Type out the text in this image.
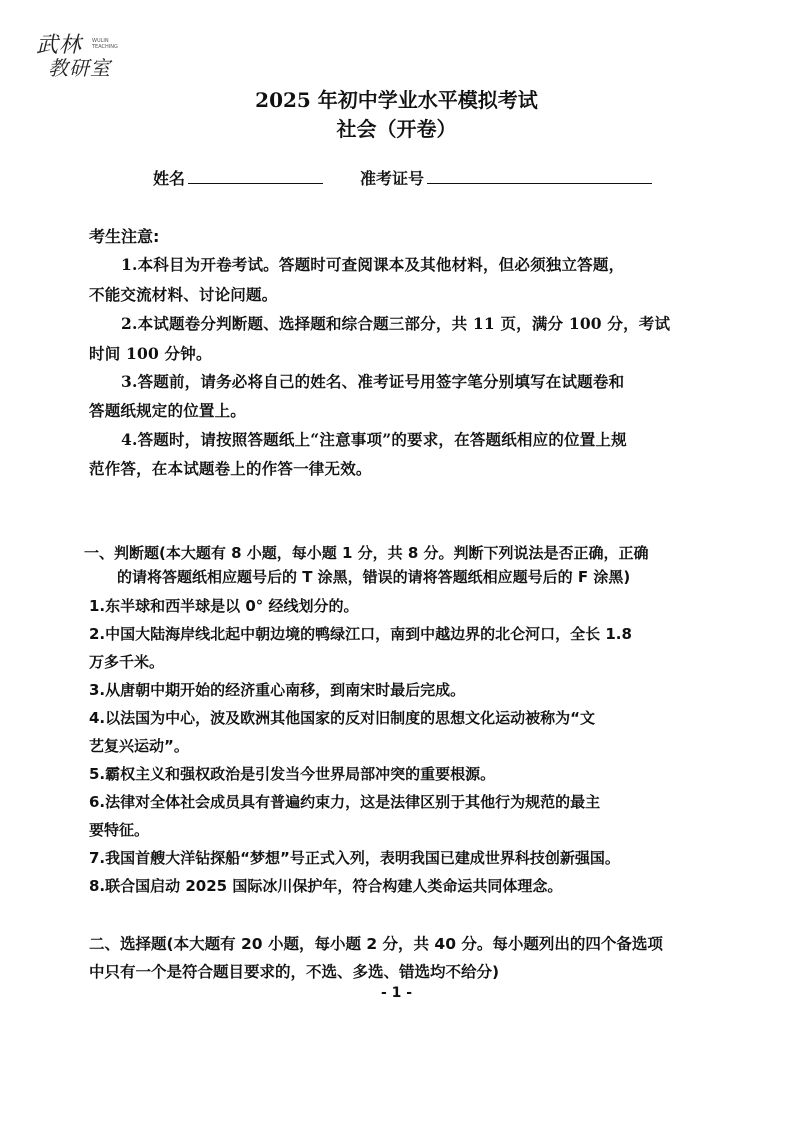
武林 WULIN TEACHING
教研室
2025 年初中学业水平模拟考试
社会（开卷）
姓名	准考证号
考生注意:
1.本科目为开卷考试。答题时可查阅课本及其他材料，但必须独立答题，
不能交流材料、讨论问题。
2.本试题卷分判断题、选择题和综合题三部分，共 11 页，满分 100 分，考试
时间 100 分钟。
3.答题前，请务必将自己的姓名、准考证号用签字笔分别填写在试题卷和
答题纸规定的位置上。
4.答题时，请按照答题纸上“注意事项”的要求，在答题纸相应的位置上规
范作答，在本试题卷上的作答一律无效。
一、判断题(本大题有 8 小题，每小题 1 分，共 8 分。判断下列说法是否正确，正确
的请将答题纸相应题号后的 T 涂黑，错误的请将答题纸相应题号后的 F 涂黑)
1.东半球和西半球是以 0° 经线划分的。
2.中国大陆海岸线北起中朝边境的鸭绿江口，南到中越边界的北仑河口，全长 1.8
万多千米。
3.从唐朝中期开始的经济重心南移，到南宋时最后完成。
4.以法国为中心，波及欧洲其他国家的反对旧制度的思想文化运动被称为“文
艺复兴运动”。
5.霸权主义和强权政治是引发当今世界局部冲突的重要根源。
6.法律对全体社会成员具有普遍约束力，这是法律区别于其他行为规范的最主
要特征。
7.我国首艘大洋钻探船“梦想”号正式入列，表明我国已建成世界科技创新强国。
8.联合国启动 2025 国际冰川保护年，符合构建人类命运共同体理念。
二、选择题(本大题有 20 小题，每小题 2 分，共 40 分。每小题列出的四个备选项
中只有一个是符合题目要求的，不选、多选、错选均不给分)
- 1 -
